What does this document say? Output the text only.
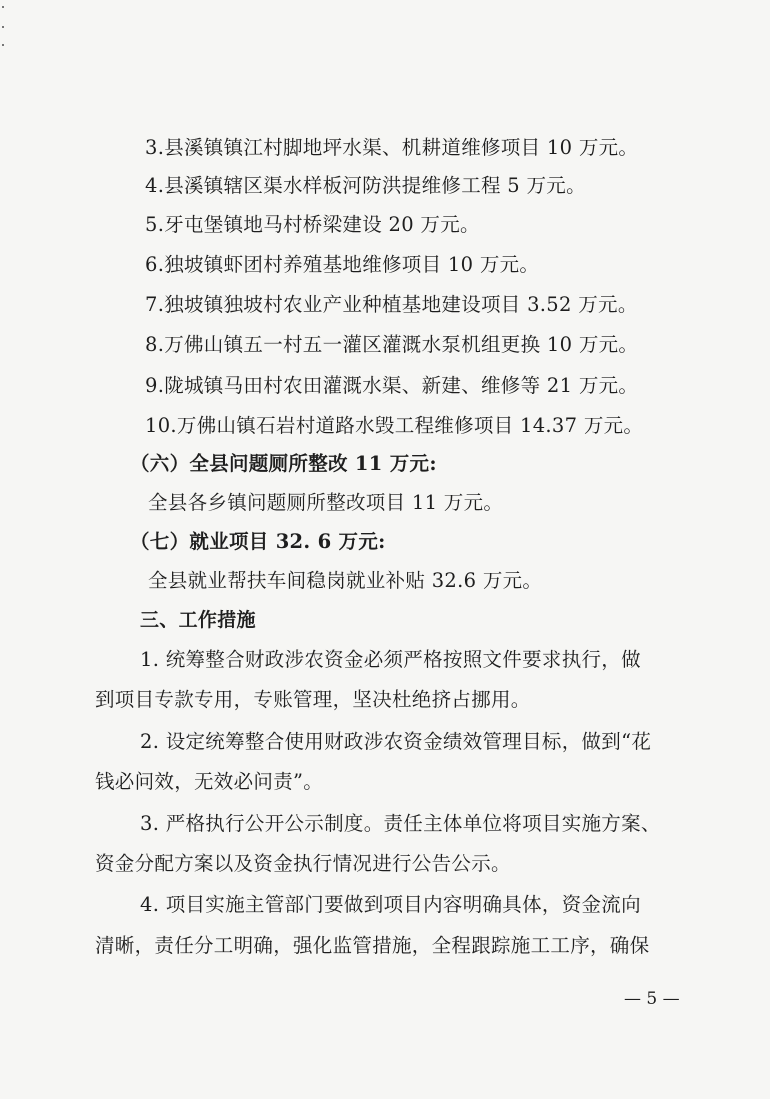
3.县溪镇镇江村脚地坪水渠、机耕道维修项目 10 万元。
4.县溪镇辖区渠水样板河防洪提维修工程 5 万元。
5.牙屯堡镇地马村桥梁建设 20 万元。
6.独坡镇虾团村养殖基地维修项目 10 万元。
7.独坡镇独坡村农业产业种植基地建设项目 3.52 万元。
8.万佛山镇五一村五一灌区灌溉水泵机组更换 10 万元。
9.陇城镇马田村农田灌溉水渠、新建、维修等 21 万元。
10.万佛山镇石岩村道路水毁工程维修项目 14.37 万元。
（六）全县问题厕所整改 11 万元:
全县各乡镇问题厕所整改项目 11 万元。
（七）就业项目 32. 6 万元:
全县就业帮扶车间稳岗就业补贴 32.6 万元。
三、工作措施
1. 统筹整合财政涉农资金必须严格按照文件要求执行，做
到项目专款专用，专账管理，坚决杜绝挤占挪用。
2. 设定统筹整合使用财政涉农资金绩效管理目标，做到“花
钱必问效，无效必问责”。
3. 严格执行公开公示制度。责任主体单位将项目实施方案、
资金分配方案以及资金执行情况进行公告公示。
4. 项目实施主管部门要做到项目内容明确具体，资金流向
清晰，责任分工明确，强化监管措施，全程跟踪施工工序，确保
— 5 —
